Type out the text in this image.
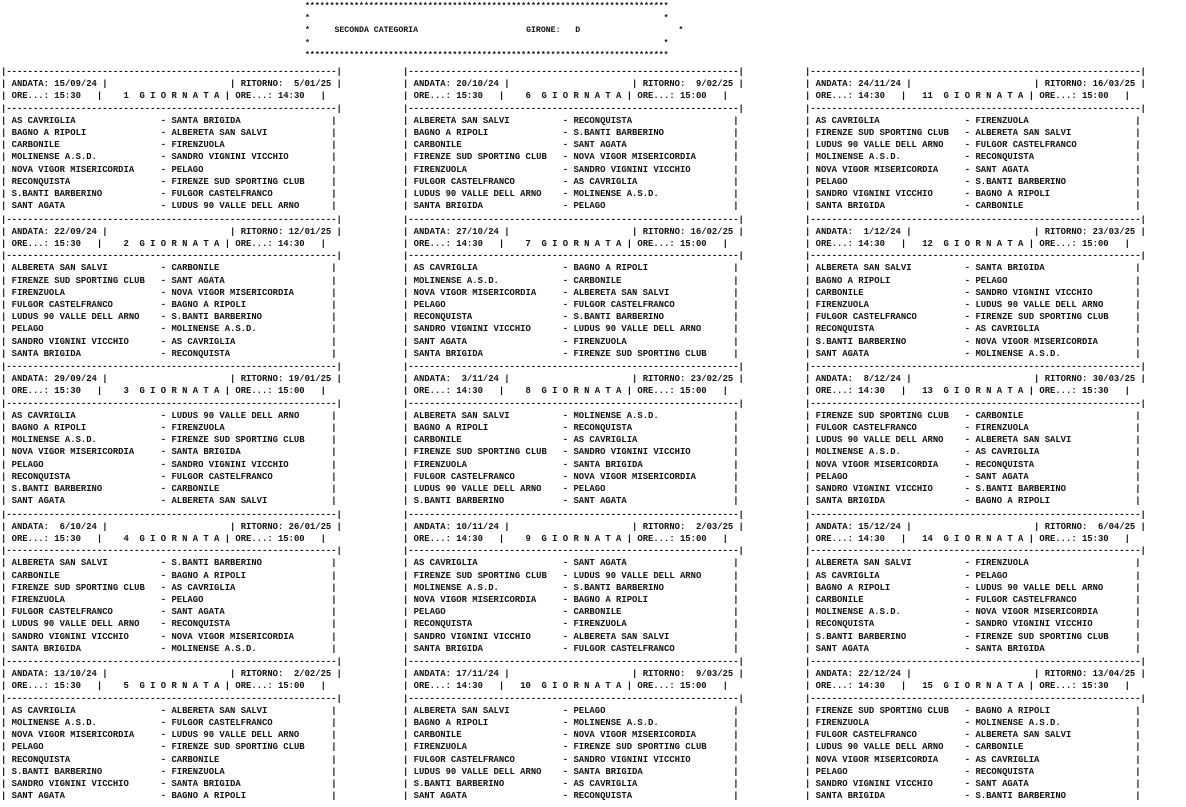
**************************************************************************
*                                                                        *
*	SECONDA CATEGORIA	GIRONE: D	*
*                                                                        *
**************************************************************************
|--------------------------------------------------------------|
| ANDATA: 15/09/24 |                       | RITORNO: 5/01/25 |
| ORE...: 15:30   |    1 G I O R N A T A | ORE...: 14:30   |
|--------------------------------------------------------------|
| AS CAVRIGLIA                - SANTA BRIGIDA                 |
| BAGNO A RIPOLI              - ALBERETA SAN SALVI            |
| CARBONILE                   - FIRENZUOLA                    |
| MOLINENSE A.S.D.            - SANDRO VIGNINI VICCHIO        |
| NOVA VIGOR MISERICORDIA     - PELAGO                        |
| RECONQUISTA                 - FIRENZE SUD SPORTING CLUB     |
| S.BANTI BARBERINO           - FULGOR CASTELFRANCO           |
| SANT AGATA                  - LUDUS 90 VALLE DELL ARNO      |

|--------------------------------------------------------------|
| ANDATA: 22/09/24 |                       | RITORNO: 12/01/25 |
| ORE...: 15:30   |    2 G I O R N A T A | ORE...: 14:30   |
|--------------------------------------------------------------|
| ALBERETA SAN SALVI          - CARBONILE                     |
| FIRENZE SUD SPORTING CLUB   - SANT AGATA                    |
| FIRENZUOLA                  - NOVA VIGOR MISERICORDIA       |
| FULGOR CASTELFRANCO         - BAGNO A RIPOLI                |
| LUDUS 90 VALLE DELL ARNO    - S.BANTI BARBERINO             |
| PELAGO                      - MOLINENSE A.S.D.              |
| SANDRO VIGNINI VICCHIO      - AS CAVRIGLIA                  |
| SANTA BRIGIDA               - RECONQUISTA                   |

|--------------------------------------------------------------|
| ANDATA: 29/09/24 |                       | RITORNO: 19/01/25 |
| ORE...: 15:30   |    3 G I O R N A T A | ORE...: 15:00   |
|--------------------------------------------------------------|
| AS CAVRIGLIA                - LUDUS 90 VALLE DELL ARNO      |
| BAGNO A RIPOLI              - FIRENZUOLA                    |
| MOLINENSE A.S.D.            - FIRENZE SUD SPORTING CLUB     |
| NOVA VIGOR MISERICORDIA     - SANTA BRIGIDA                 |
| PELAGO                      - SANDRO VIGNINI VICCHIO        |
| RECONQUISTA                 - FULGOR CASTELFRANCO           |
| S.BANTI BARBERINO           - CARBONILE                     |
| SANT AGATA                  - ALBERETA SAN SALVI            |

|--------------------------------------------------------------|
| ANDATA: 6/10/24 |                       | RITORNO: 26/01/25 |
| ORE...: 15:30   |    4 G I O R N A T A | ORE...: 15:00   |
|--------------------------------------------------------------|
| ALBERETA SAN SALVI          - S.BANTI BARBERINO             |
| CARBONILE                   - BAGNO A RIPOLI                |
| FIRENZE SUD SPORTING CLUB   - AS CAVRIGLIA                  |
| FIRENZUOLA                  - PELAGO                        |
| FULGOR CASTELFRANCO         - SANT AGATA                    |
| LUDUS 90 VALLE DELL ARNO    - RECONQUISTA                   |
| SANDRO VIGNINI VICCHIO      - NOVA VIGOR MISERICORDIA       |
| SANTA BRIGIDA               - MOLINENSE A.S.D.              |

|--------------------------------------------------------------|
| ANDATA: 13/10/24 |                       | RITORNO: 2/02/25 |
| ORE...: 15:30   |    5 G I O R N A T A | ORE...: 15:00   |
|--------------------------------------------------------------|
| AS CAVRIGLIA                - ALBERETA SAN SALVI            |
| MOLINENSE A.S.D.            - FULGOR CASTELFRANCO           |
| NOVA VIGOR MISERICORDIA     - LUDUS 90 VALLE DELL ARNO      |
| PELAGO                      - FIRENZE SUD SPORTING CLUB     |
| RECONQUISTA                 - CARBONILE                     |
| S.BANTI BARBERINO           - FIRENZUOLA                    |
| SANDRO VIGNINI VICCHIO      - SANTA BRIGIDA                 |
| SANT AGATA                  - BAGNO A RIPOLI                |

|--------------------------------------------------------------|
| ANDATA: 20/10/24 |                       | RITORNO: 9/02/25 |
| ORE...: 15:30   |    6 G I O R N A T A | ORE...: 15:00   |
|--------------------------------------------------------------|
| ALBERETA SAN SALVI          - RECONQUISTA                   |
| BAGNO A RIPOLI              - S.BANTI BARBERINO             |
| CARBONILE                   - SANT AGATA                    |
| FIRENZE SUD SPORTING CLUB   - NOVA VIGOR MISERICORDIA       |
| FIRENZUOLA                  - SANDRO VIGNINI VICCHIO        |
| FULGOR CASTELFRANCO         - AS CAVRIGLIA                  |
| LUDUS 90 VALLE DELL ARNO    - MOLINENSE A.S.D.              |
| SANTA BRIGIDA               - PELAGO                        |

|--------------------------------------------------------------|
| ANDATA: 27/10/24 |                       | RITORNO: 16/02/25 |
| ORE...: 14:30   |    7 G I O R N A T A | ORE...: 15:00   |
|--------------------------------------------------------------|
| AS CAVRIGLIA                - BAGNO A RIPOLI                |
| MOLINENSE A.S.D.            - CARBONILE                     |
| NOVA VIGOR MISERICORDIA     - ALBERETA SAN SALVI            |
| PELAGO                      - FULGOR CASTELFRANCO           |
| RECONQUISTA                 - S.BANTI BARBERINO             |
| SANDRO VIGNINI VICCHIO      - LUDUS 90 VALLE DELL ARNO      |
| SANT AGATA                  - FIRENZUOLA                    |
| SANTA BRIGIDA               - FIRENZE SUD SPORTING CLUB     |

|--------------------------------------------------------------|
| ANDATA: 3/11/24 |                       | RITORNO: 23/02/25 |
| ORE...: 14:30   |    8 G I O R N A T A | ORE...: 15:00   |
|--------------------------------------------------------------|
| ALBERETA SAN SALVI          - MOLINENSE A.S.D.              |
| BAGNO A RIPOLI              - RECONQUISTA                   |
| CARBONILE                   - AS CAVRIGLIA                  |
| FIRENZE SUD SPORTING CLUB   - SANDRO VIGNINI VICCHIO        |
| FIRENZUOLA                  - SANTA BRIGIDA                 |
| FULGOR CASTELFRANCO         - NOVA VIGOR MISERICORDIA       |
| LUDUS 90 VALLE DELL ARNO    - PELAGO                        |
| S.BANTI BARBERINO           - SANT AGATA                    |

|--------------------------------------------------------------|
| ANDATA: 10/11/24 |                       | RITORNO: 2/03/25 |
| ORE...: 14:30   |    9 G I O R N A T A | ORE...: 15:00   |
|--------------------------------------------------------------|
| AS CAVRIGLIA                - SANT AGATA                    |
| FIRENZE SUD SPORTING CLUB   - LUDUS 90 VALLE DELL ARNO      |
| MOLINENSE A.S.D.            - S.BANTI BARBERINO             |
| NOVA VIGOR MISERICORDIA     - BAGNO A RIPOLI                |
| PELAGO                      - CARBONILE                     |
| RECONQUISTA                 - FIRENZUOLA                    |
| SANDRO VIGNINI VICCHIO      - ALBERETA SAN SALVI            |
| SANTA BRIGIDA               - FULGOR CASTELFRANCO           |

|--------------------------------------------------------------|
| ANDATA: 17/11/24 |                       | RITORNO: 9/03/25 |
| ORE...: 14:30   |   10 G I O R N A T A | ORE...: 15:00   |
|--------------------------------------------------------------|
| ALBERETA SAN SALVI          - PELAGO                        |
| BAGNO A RIPOLI              - MOLINENSE A.S.D.              |
| CARBONILE                   - NOVA VIGOR MISERICORDIA       |
| FIRENZUOLA                  - FIRENZE SUD SPORTING CLUB     |
| FULGOR CASTELFRANCO         - SANDRO VIGNINI VICCHIO        |
| LUDUS 90 VALLE DELL ARNO    - SANTA BRIGIDA                 |
| S.BANTI BARBERINO           - AS CAVRIGLIA                  |
| SANT AGATA                  - RECONQUISTA                   |

|--------------------------------------------------------------|
| ANDATA: 24/11/24 |                       | RITORNO: 16/03/25 |
| ORE...: 14:30   |   11 G I O R N A T A | ORE...: 15:00   |
|--------------------------------------------------------------|
| AS CAVRIGLIA                - FIRENZUOLA                    |
| FIRENZE SUD SPORTING CLUB   - ALBERETA SAN SALVI            |
| LUDUS 90 VALLE DELL ARNO    - FULGOR CASTELFRANCO           |
| MOLINENSE A.S.D.            - RECONQUISTA                   |
| NOVA VIGOR MISERICORDIA     - SANT AGATA                    |
| PELAGO                      - S.BANTI BARBERINO             |
| SANDRO VIGNINI VICCHIO      - BAGNO A RIPOLI                |
| SANTA BRIGIDA               - CARBONILE                     |

|--------------------------------------------------------------|
| ANDATA: 1/12/24 |                       | RITORNO: 23/03/25 |
| ORE...: 14:30   |   12 G I O R N A T A | ORE...: 15:00   |
|--------------------------------------------------------------|
| ALBERETA SAN SALVI          - SANTA BRIGIDA                 |
| BAGNO A RIPOLI              - PELAGO                        |
| CARBONILE                   - SANDRO VIGNINI VICCHIO        |
| FIRENZUOLA                  - LUDUS 90 VALLE DELL ARNO      |
| FULGOR CASTELFRANCO         - FIRENZE SUD SPORTING CLUB     |
| RECONQUISTA                 - AS CAVRIGLIA                  |
| S.BANTI BARBERINO           - NOVA VIGOR MISERICORDIA       |
| SANT AGATA                  - MOLINENSE A.S.D.              |

|--------------------------------------------------------------|
| ANDATA: 8/12/24 |                       | RITORNO: 30/03/25 |
| ORE...: 14:30   |   13 G I O R N A T A | ORE...: 15:30   |
|--------------------------------------------------------------|
| FIRENZE SUD SPORTING CLUB   - CARBONILE                     |
| FULGOR CASTELFRANCO         - FIRENZUOLA                    |
| LUDUS 90 VALLE DELL ARNO    - ALBERETA SAN SALVI            |
| MOLINENSE A.S.D.            - AS CAVRIGLIA                  |
| NOVA VIGOR MISERICORDIA     - RECONQUISTA                   |
| PELAGO                      - SANT AGATA                    |
| SANDRO VIGNINI VICCHIO      - S.BANTI BARBERINO             |
| SANTA BRIGIDA               - BAGNO A RIPOLI                |

|--------------------------------------------------------------|
| ANDATA: 15/12/24 |                       | RITORNO: 6/04/25 |
| ORE...: 14:30   |   14 G I O R N A T A | ORE...: 15:30   |
|--------------------------------------------------------------|
| ALBERETA SAN SALVI          - FIRENZUOLA                    |
| AS CAVRIGLIA                - PELAGO                        |
| BAGNO A RIPOLI              - LUDUS 90 VALLE DELL ARNO      |
| CARBONILE                   - FULGOR CASTELFRANCO           |
| MOLINENSE A.S.D.            - NOVA VIGOR MISERICORDIA       |
| RECONQUISTA                 - SANDRO VIGNINI VICCHIO        |
| S.BANTI BARBERINO           - FIRENZE SUD SPORTING CLUB     |
| SANT AGATA                  - SANTA BRIGIDA                 |

|--------------------------------------------------------------|
| ANDATA: 22/12/24 |                       | RITORNO: 13/04/25 |
| ORE...: 14:30   |   15 G I O R N A T A | ORE...: 15:30   |
|--------------------------------------------------------------|
| FIRENZE SUD SPORTING CLUB   - BAGNO A RIPOLI                |
| FIRENZUOLA                  - MOLINENSE A.S.D.              |
| FULGOR CASTELFRANCO         - ALBERETA SAN SALVI            |
| LUDUS 90 VALLE DELL ARNO    - CARBONILE                     |
| NOVA VIGOR MISERICORDIA     - AS CAVRIGLIA                  |
| PELAGO                      - RECONQUISTA                   |
| SANDRO VIGNINI VICCHIO      - SANT AGATA                    |
| SANTA BRIGIDA               - S.BANTI BARBERINO             |
